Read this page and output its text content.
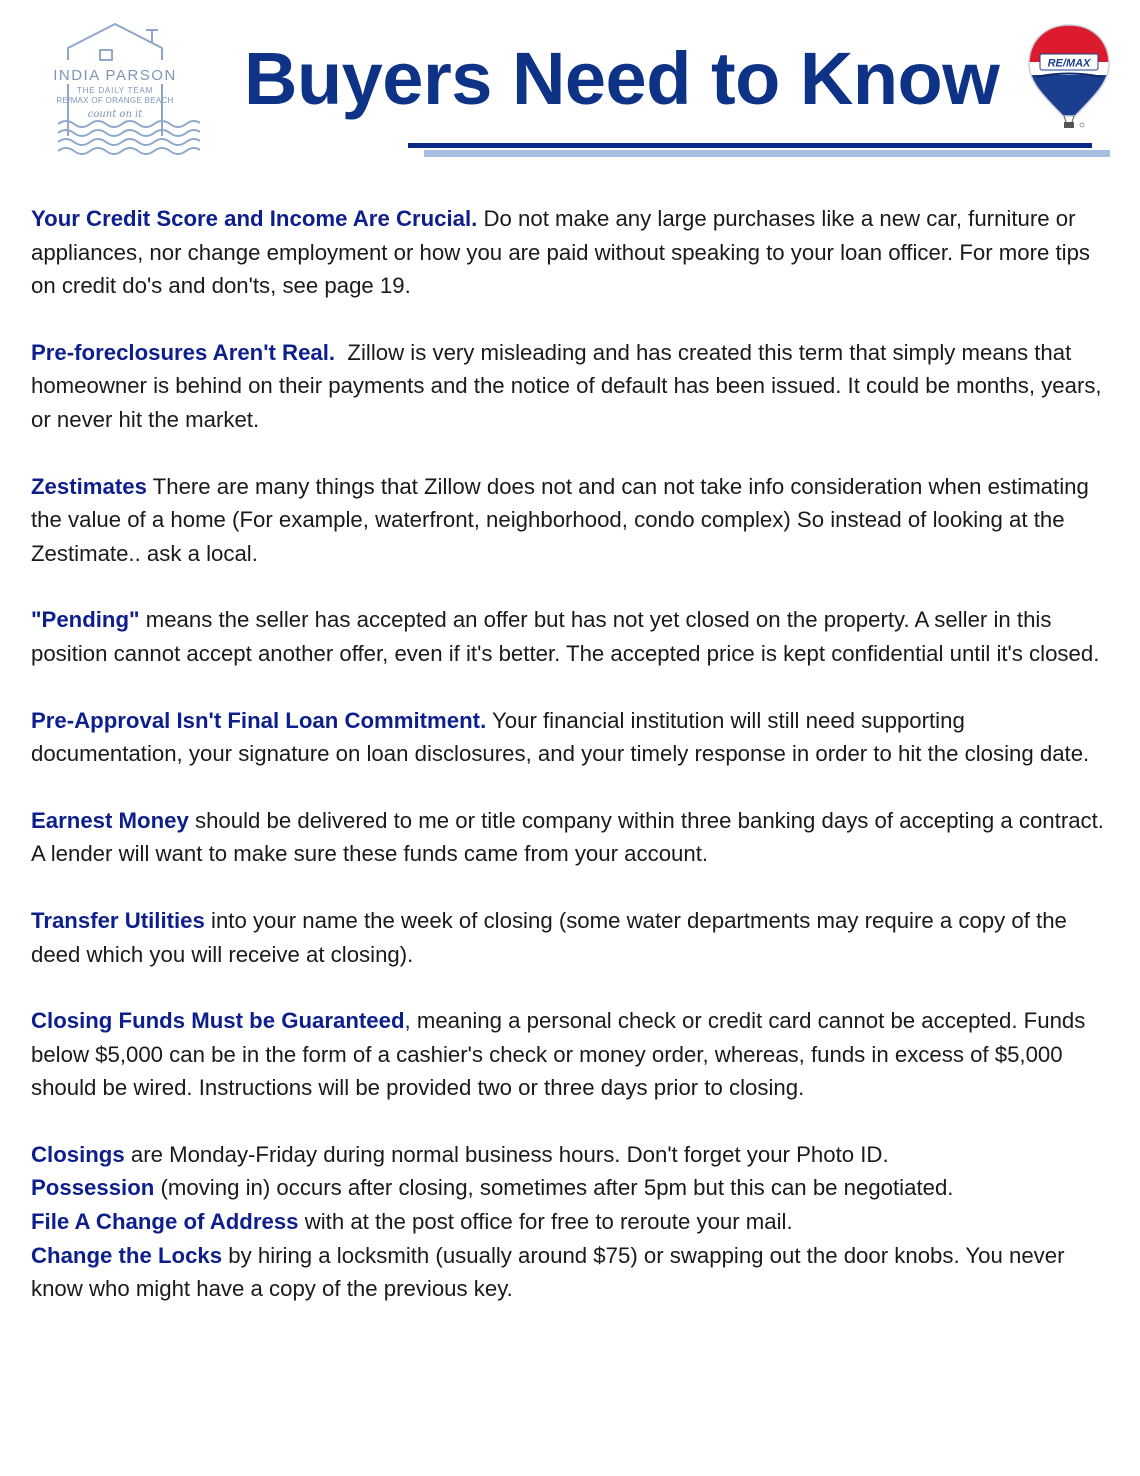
INDIA PARSON
THE DAILY TEAM
RE/MAX OF ORANGE BEACH
count on it	Buyers Need to Know	RE/MAX

Your Credit Score and Income Are Crucial. Do not make any large purchases like a new car, furniture or appliances, nor change employment or how you are paid without speaking to your loan officer. For more tips on credit do's and don'ts, see page 19.

Pre-foreclosures Aren't Real.  Zillow is very misleading and has created this term that simply means that homeowner is behind on their payments and the notice of default has been issued. It could be months, years, or never hit the market.

Zestimates There are many things that Zillow does not and can not take info consideration when estimating the value of a home (For example, waterfront, neighborhood, condo complex) So instead of looking at the Zestimate.. ask a local.

"Pending" means the seller has accepted an offer but has not yet closed on the property. A seller in this position cannot accept another offer, even if it's better. The accepted price is kept confidential until it's closed.

Pre-Approval Isn't Final Loan Commitment. Your financial institution will still need supporting documentation, your signature on loan disclosures, and your timely response in order to hit the closing date.

Earnest Money should be delivered to me or title company within three banking days of accepting a contract. A lender will want to make sure these funds came from your account.

Transfer Utilities into your name the week of closing (some water departments may require a copy of the deed which you will receive at closing).

Closing Funds Must be Guaranteed, meaning a personal check or credit card cannot be accepted. Funds below $5,000 can be in the form of a cashier's check or money order, whereas, funds in excess of $5,000 should be wired. Instructions will be provided two or three days prior to closing.

Closings are Monday-Friday during normal business hours. Don't forget your Photo ID.

Possession (moving in) occurs after closing, sometimes after 5pm but this can be negotiated.

File A Change of Address with at the post office for free to reroute your mail.

Change the Locks by hiring a locksmith (usually around $75) or swapping out the door knobs. You never know who might have a copy of the previous key.
